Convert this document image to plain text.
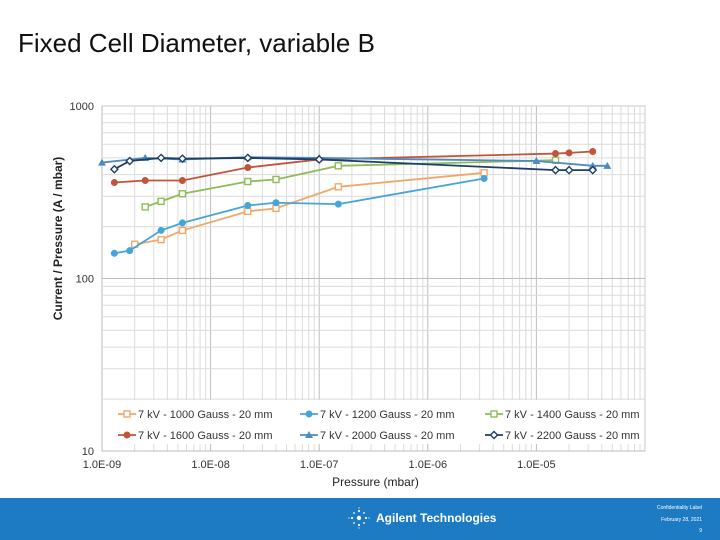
Fixed Cell Diameter, variable B
10
100
1000
1.0E-09	1.0E-08	1.0E-07	1.0E-06	1.0E-05
Pressure (mbar)
Current / Pressure (A / mbar)
7 kV - 1000 Gauss - 20 mm	7 kV - 1200 Gauss - 20 mm	7 kV - 1400 Gauss - 20 mm
7 kV - 1600 Gauss - 20 mm	7 kV - 2000 Gauss - 20 mm	7 kV - 2200 Gauss - 20 mm
Agilent Technologies
Confidentiality Label
February 28, 2021
9
